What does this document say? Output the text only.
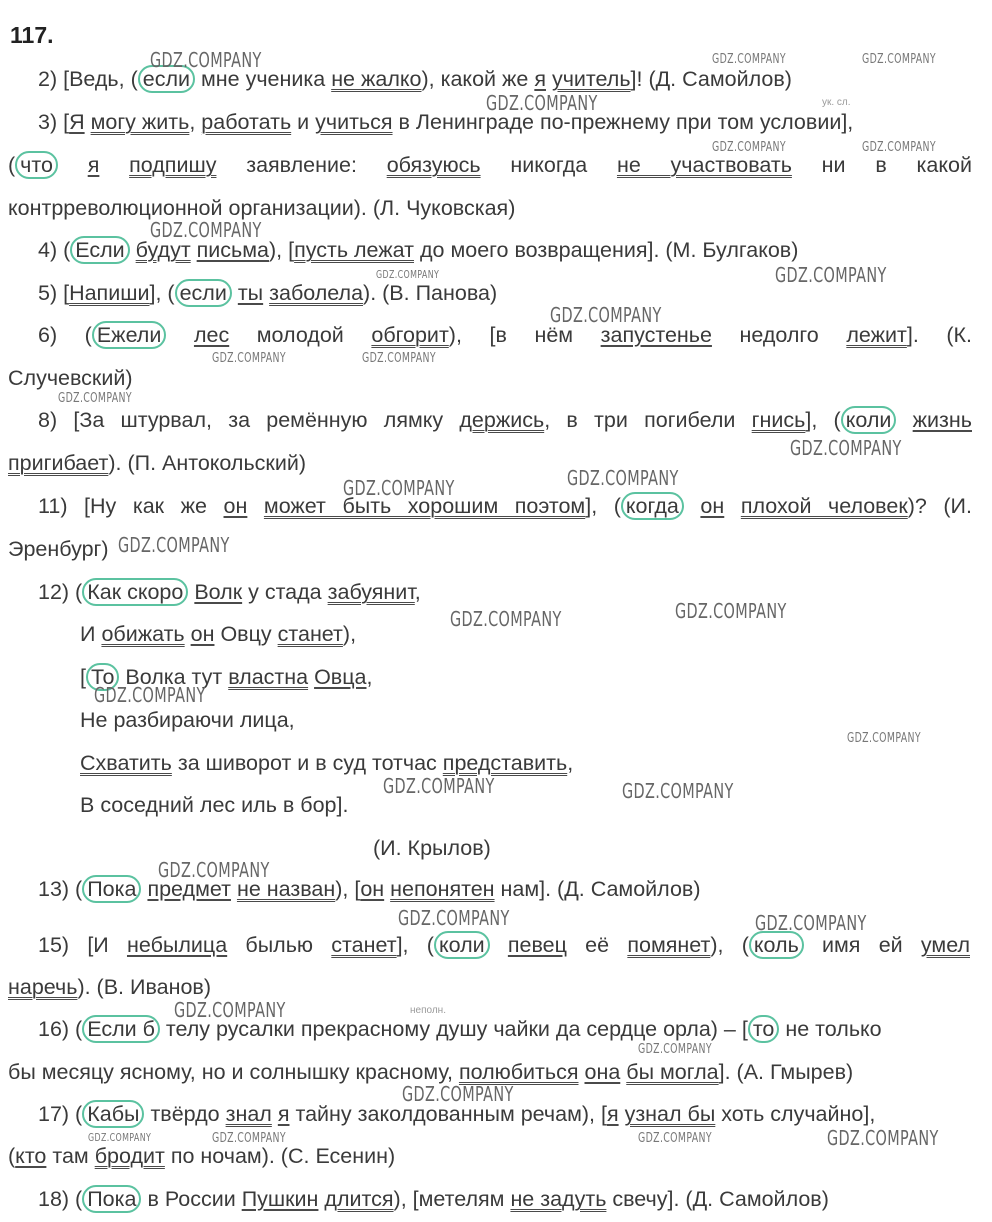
117.
2) [Ведь, ( если мне ученика не жалко), какой же я учитель]! (Д. Самойлов)
3) [Я могу жить, работать и учиться в Ленинграде по-прежнему при том условии],
( что я подпишу заявление: обязуюсь никогда не участвовать ни в какой
контрреволюционной организации). (Л. Чуковская)
4) ( Если будут письма), [пусть лежат до моего возвращения]. (М. Булгаков)
5) [Напиши], ( если ты заболела). (В. Панова)
6) ( Ежели лес молодой обгорит), [в нём запустенье недолго лежит]. (К.
Случевский)
8) [За штурвал, за ремённую лямку держись, в три погибели гнись], ( коли жизнь
пригибает). (П. Антокольский)
11) [Ну как же он может быть хорошим поэтом], ( когда он плохой человек)? (И.
Эренбург)
12) ( Как скоро Волк у стада забуянит,
И обижать он Овцу станет),
[ То Волка тут властна Овца,
Не разбираючи лица,
Схватить за шиворот и в суд тотчас представить,
В соседний лес иль в бор].
(И. Крылов)
13) ( Пока предмет не назван), [он непонятен нам]. (Д. Самойлов)
15) [И небылица былью станет], ( коли певец её помянет), ( коль имя ей умел
наречь). (В. Иванов)
16) ( Если б телу русалки прекрасному душу чайки да сердце орла) – [ то не только
бы месяцу ясному, но и солнышку красному, полюбиться она бы могла]. (А. Гмырев)
17) ( Кабы твёрдо знал я тайну заколдованным речам), [я узнал бы хоть случайно],
(кто там бродит по ночам). (С. Есенин)
18) ( Пока в России Пушкин длится), [метелям не задуть свечу]. (Д. Самойлов)
ук. сл.
неполн.
GDZ.COMPANY	GDZ.COMPANY	GDZ.COMPANY
GDZ.COMPANY
GDZ.COMPANY	GDZ.COMPANY
GDZ.COMPANY
GDZ.COMPANY	GDZ.COMPANY
GDZ.COMPANY
GDZ.COMPANY	GDZ.COMPANY
GDZ.COMPANY
GDZ.COMPANY
GDZ.COMPANY
GDZ.COMPANY
GDZ.COMPANY
GDZ.COMPANY	GDZ.COMPANY
GDZ.COMPANY
GDZ.COMPANY
GDZ.COMPANY	GDZ.COMPANY
GDZ.COMPANY
GDZ.COMPANY	GDZ.COMPANY
GDZ.COMPANY
GDZ.COMPANY
GDZ.COMPANY
GDZ.COMPANY	GDZ.COMPANY	GDZ.COMPANY	GDZ.COMPANY
